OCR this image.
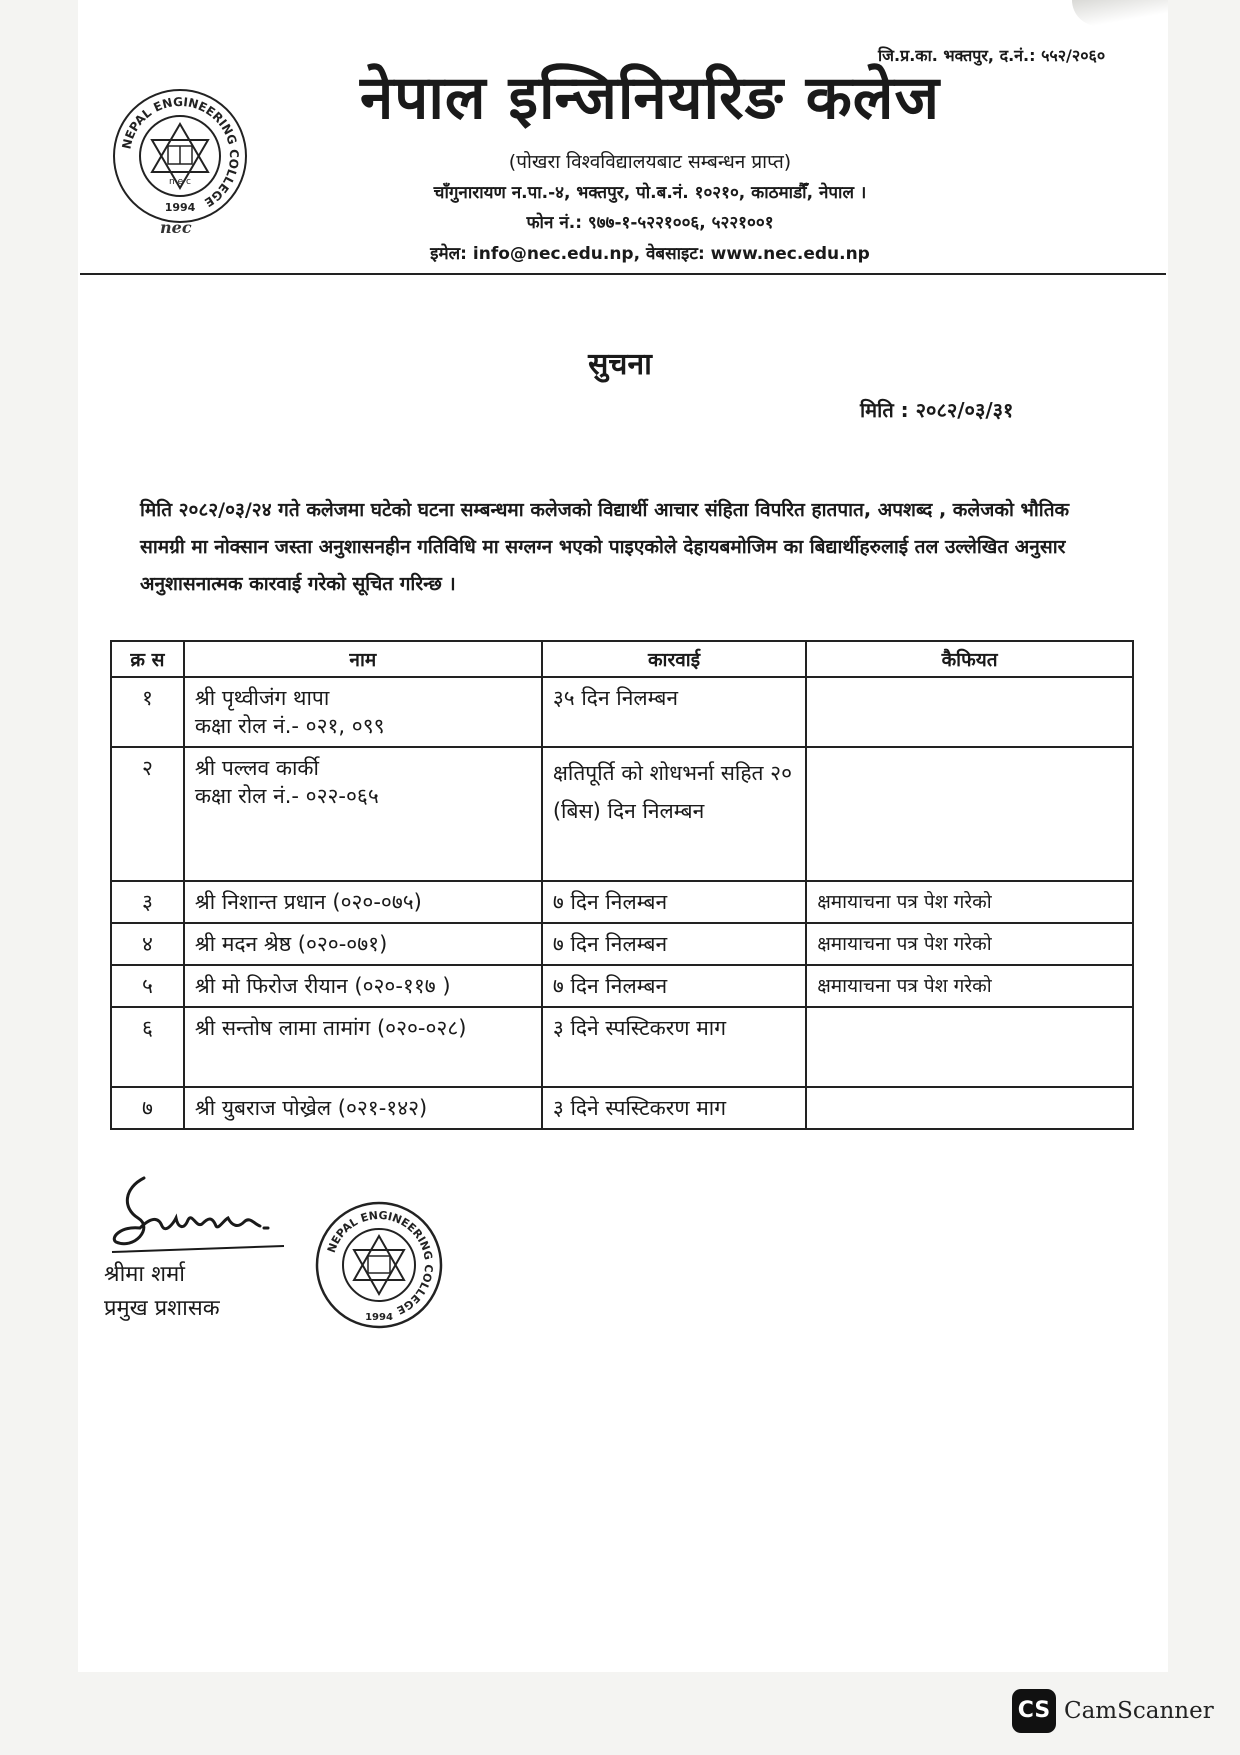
जि.प्र.का. भक्तपुर, द.नं.: ५५२/२०६०
NEPAL ENGINEERING COLLEGE
n e c
1994
nec
नेपाल इन्जिनियरिङ कलेज
(पोखरा विश्वविद्यालयबाट सम्बन्धन प्राप्त)
चाँगुनारायण न.पा.-४, भक्तपुर, पो.ब.नं. १०२१०, काठमाडौँ, नेपाल ।
फोन नं.: ९७७-१-५२२१००६, ५२२१००१
इमेल: info@nec.edu.np, वेबसाइट: www.nec.edu.np
सुचना
मिति : २०८२/०३/३१
मिति २०८२/०३/२४ गते कलेजमा घटेको घटना सम्बन्धमा कलेजको विद्यार्थी आचार संहिता विपरित हातपात, अपशब्द , कलेजको भौतिक सामग्री मा नोक्सान जस्ता अनुशासनहीन गतिविधि मा सग्लग्न भएको पाइएकोले देहायबमोजिम का बिद्यार्थीहरुलाई तल उल्लेखित अनुसार अनुशासनात्मक कारवाई गरेको सूचित गरिन्छ ।
क्र स	नाम	कारवाई	कैफियत
१	श्री पृथ्वीजंग थापा
कक्षा रोल नं.- ०२१, ०९९	३५ दिन निलम्बन	
२	श्री पल्लव कार्की
कक्षा रोल नं.- ०२२-०६५	क्षतिपूर्ति को शोधभर्ना सहित २० (बिस) दिन निलम्बन	
३	श्री निशान्त प्रधान (०२०-०७५)	७ दिन निलम्बन	क्षमायाचना पत्र पेश गरेको
४	श्री मदन श्रेष्ठ (०२०-०७१)	७ दिन निलम्बन	क्षमायाचना पत्र पेश गरेको
५	श्री मो फिरोज रीयान (०२०-११७ )	७ दिन निलम्बन	क्षमायाचना पत्र पेश गरेको
६	श्री सन्तोष लामा तामांग (०२०-०२८)	३ दिने स्पस्टिकरण माग	
७	श्री युबराज पोख्रेल (०२१-१४२)	३ दिने स्पस्टिकरण माग	
श्रीमा शर्मा
प्रमुख प्रशासक
NEPAL ENGINEERING COLLEGE
1994
CS CamScanner
